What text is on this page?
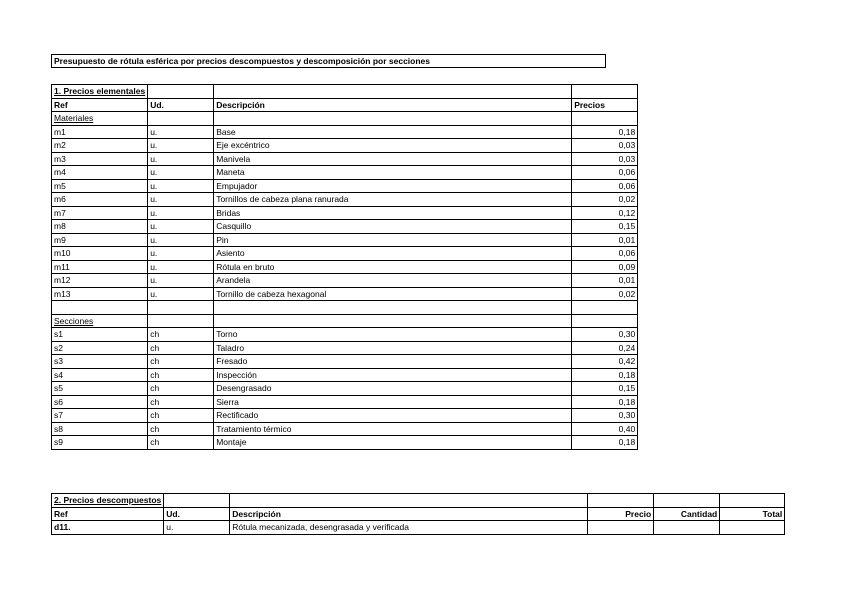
Presupuesto de rótula esférica por precios descompuestos y descomposición por secciones
1. Precios elementales			
Ref	Ud.	Descripción	Precios
Materiales			
m1	u.	Base	0,18
m2	u.	Eje excéntrico	0,03
m3	u.	Manivela	0,03
m4	u.	Maneta	0,06
m5	u.	Empujador	0,06
m6	u.	Tornillos de cabeza plana ranurada	0,02
m7	u.	Bridas	0,12
m8	u.	Casquillo	0,15
m9	u.	Pin	0,01
m10	u.	Asiento	0,06
m11	u.	Rótula en bruto	0,09
m12	u.	Arandela	0,01
m13	u.	Tornillo de cabeza hexagonal	0,02

Secciones			
s1	ch	Torno	0,30
s2	ch	Taladro	0,24
s3	ch	Fresado	0,42
s4	ch	Inspección	0,18
s5	ch	Desengrasado	0,15
s6	ch	Sierra	0,18
s7	ch	Rectificado	0,30
s8	ch	Tratamiento térmico	0,40
s9	ch	Montaje	0,18
2. Precios descompuestos					
Ref	Ud.	Descripción	Precio	Cantidad	Total
d11.	u.	Rótula mecanizada, desengrasada y verificada			
